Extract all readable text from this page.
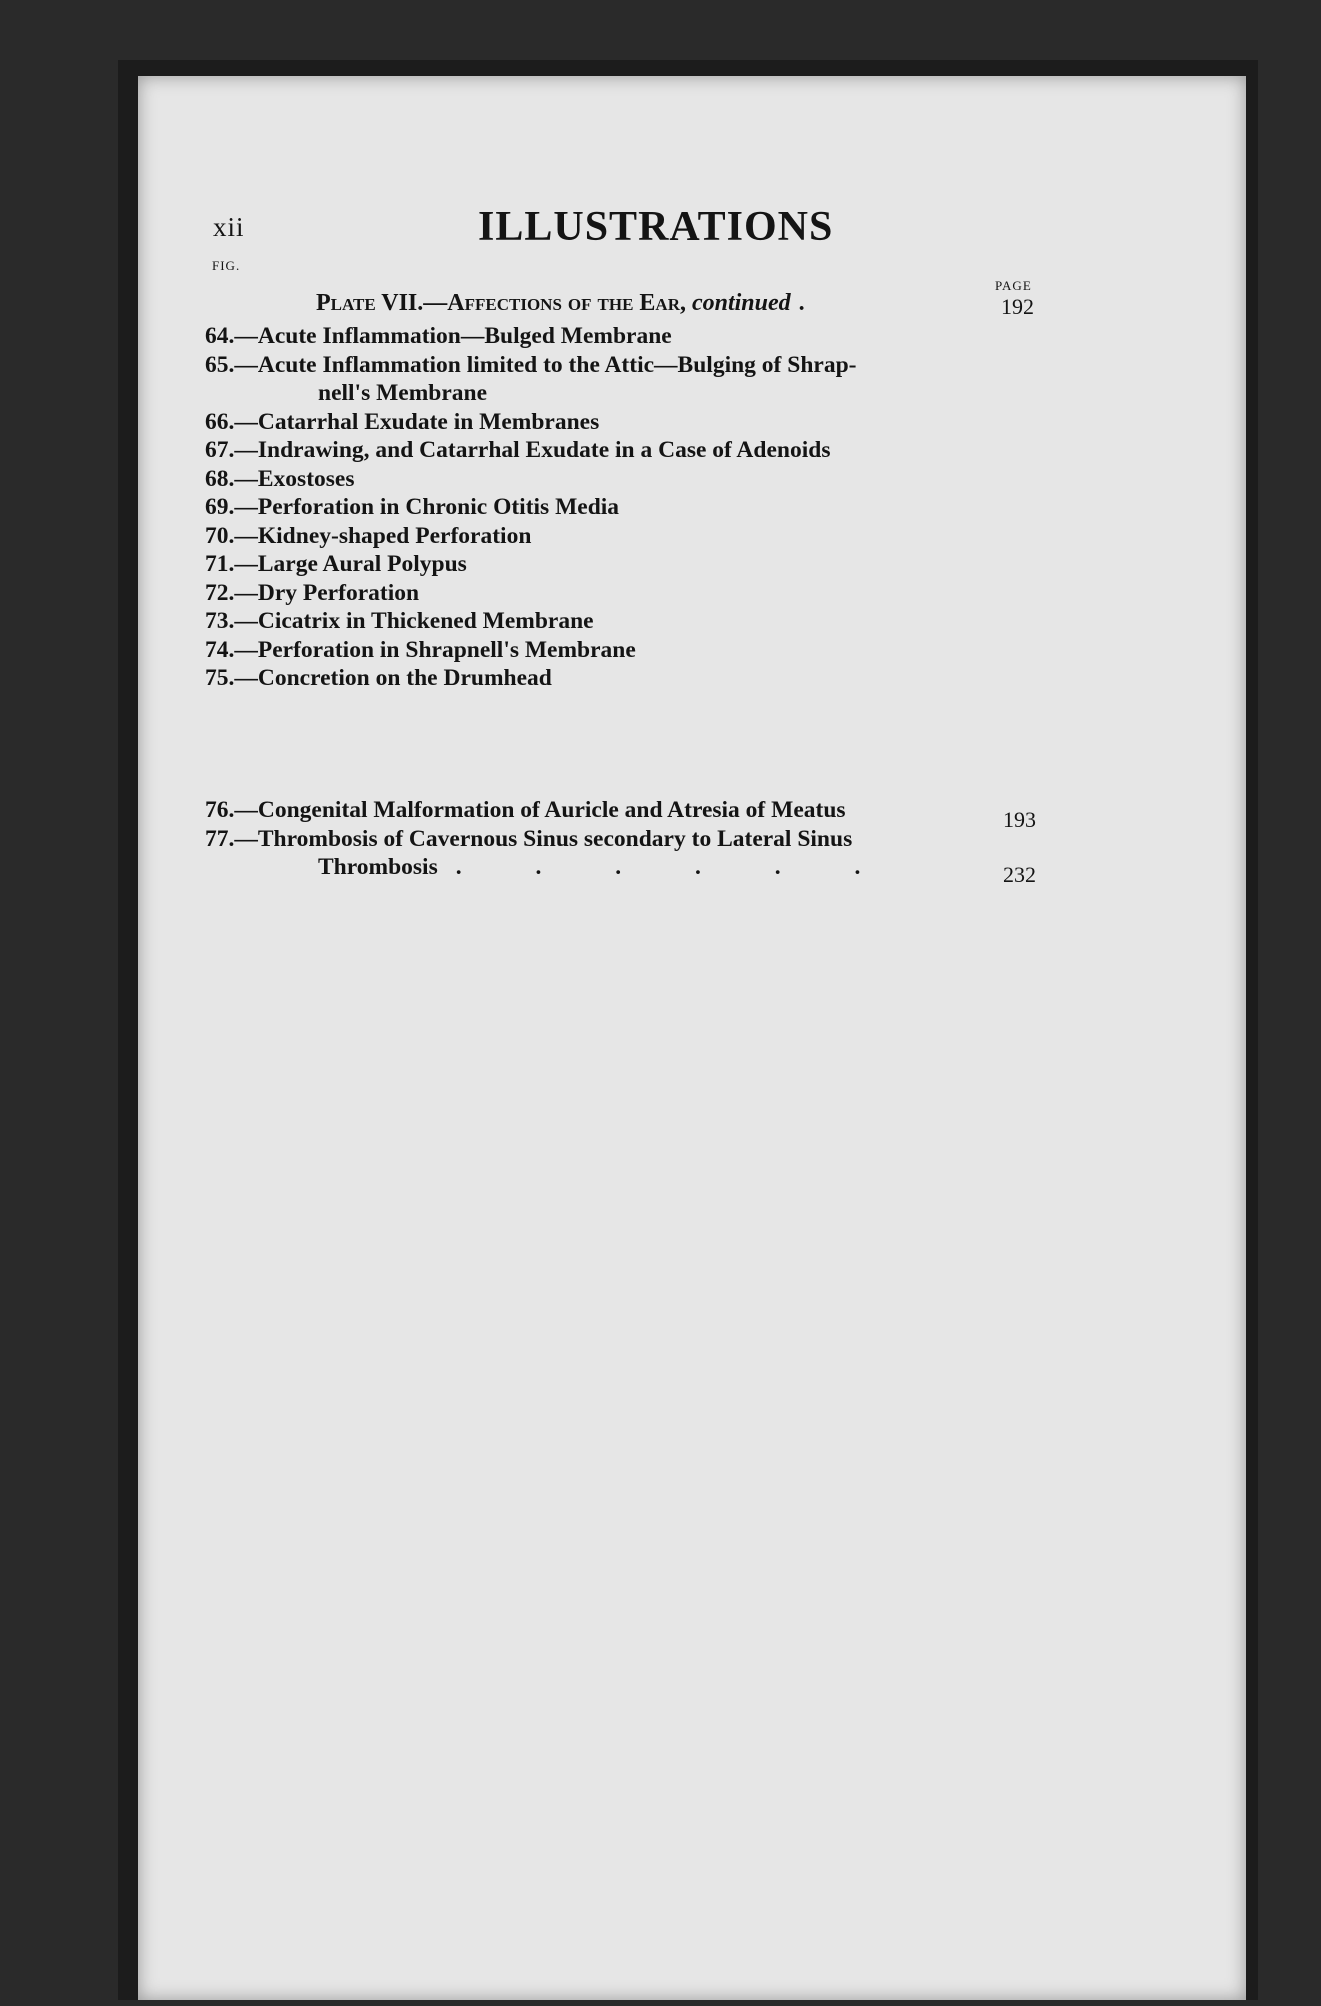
xii	ILLUSTRATIONS
FIG.
PAGE
Plate VII.—Affections of the Ear, continued .	192
64.—Acute Inflammation—Bulged Membrane
65.—Acute Inflammation limited to the Attic—Bulging of Shrap-
nell's Membrane
66.—Catarrhal Exudate in Membranes
67.—Indrawing, and Catarrhal Exudate in a Case of Adenoids
68.—Exostoses
69.—Perforation in Chronic Otitis Media
70.—Kidney-shaped Perforation
71.—Large Aural Polypus
72.—Dry Perforation
73.—Cicatrix in Thickened Membrane
74.—Perforation in Shrapnell's Membrane
75.—Concretion on the Drumhead
76.—Congenital Malformation of Auricle and Atresia of Meatus
77.—Thrombosis of Cavernous Sinus secondary to Lateral Sinus
Thrombosis . . . . . .
193
232
